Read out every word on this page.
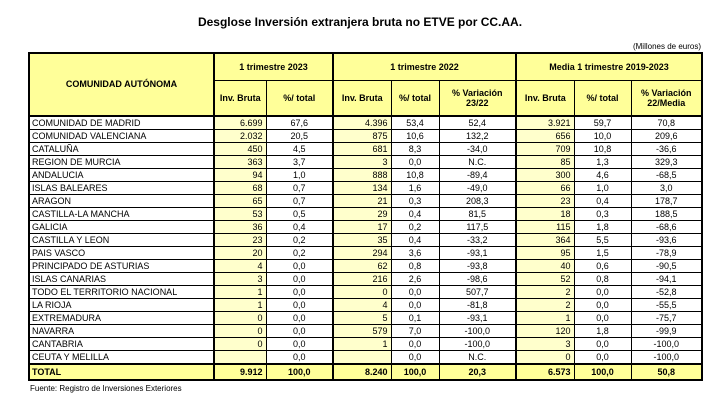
Desglose Inversión extranjera bruta no ETVE por CC.AA.
(Millones de euros)
COMUNIDAD AUTÓNOMA	1 trimestre 2023		1 trimestre 2022			Media 1 trimestre 2019-2023		
	Inv. Bruta	%/ total	Inv. Bruta	%/ total	% Variación 23/22	Inv. Bruta	%/ total	% Variación 22/Media
COMUNIDAD DE MADRID	6.699	67,6	4.396	53,4	52,4	3.921	59,7	70,8
COMUNIDAD VALENCIANA	2.032	20,5	875	10,6	132,2	656	10,0	209,6
CATALUÑA	450	4,5	681	8,3	-34,0	709	10,8	-36,6
REGION DE MURCIA	363	3,7	3	0,0	N.C.	85	1,3	329,3
ANDALUCIA	94	1,0	888	10,8	-89,4	300	4,6	-68,5
ISLAS BALEARES	68	0,7	134	1,6	-49,0	66	1,0	3,0
ARAGON	65	0,7	21	0,3	208,3	23	0,4	178,7
CASTILLA-LA MANCHA	53	0,5	29	0,4	81,5	18	0,3	188,5
GALICIA	36	0,4	17	0,2	117,5	115	1,8	-68,6
CASTILLA Y LEON	23	0,2	35	0,4	-33,2	364	5,5	-93,6
PAIS VASCO	20	0,2	294	3,6	-93,1	95	1,5	-78,9
PRINCIPADO DE ASTURIAS	4	0,0	62	0,8	-93,8	40	0,6	-90,5
ISLAS CANARIAS	3	0,0	216	2,6	-98,6	52	0,8	-94,1
TODO EL TERRITORIO NACIONAL	1	0,0	0	0,0	507,7	2	0,0	-52,8
LA RIOJA	1	0,0	4	0,0	-81,8	2	0,0	-55,5
EXTREMADURA	0	0,0	5	0,1	-93,1	1	0,0	-75,7
NAVARRA	0	0,0	579	7,0	-100,0	120	1,8	-99,9
CANTABRIA	0	0,0	1	0,0	-100,0	3	0,0	-100,0
CEUTA Y MELILLA		0,0		0,0	N.C.	0	0,0	-100,0
TOTAL	9.912	100,0	8.240	100,0	20,3	6.573	100,0	50,8
Fuente: Registro de Inversiones Exteriores
